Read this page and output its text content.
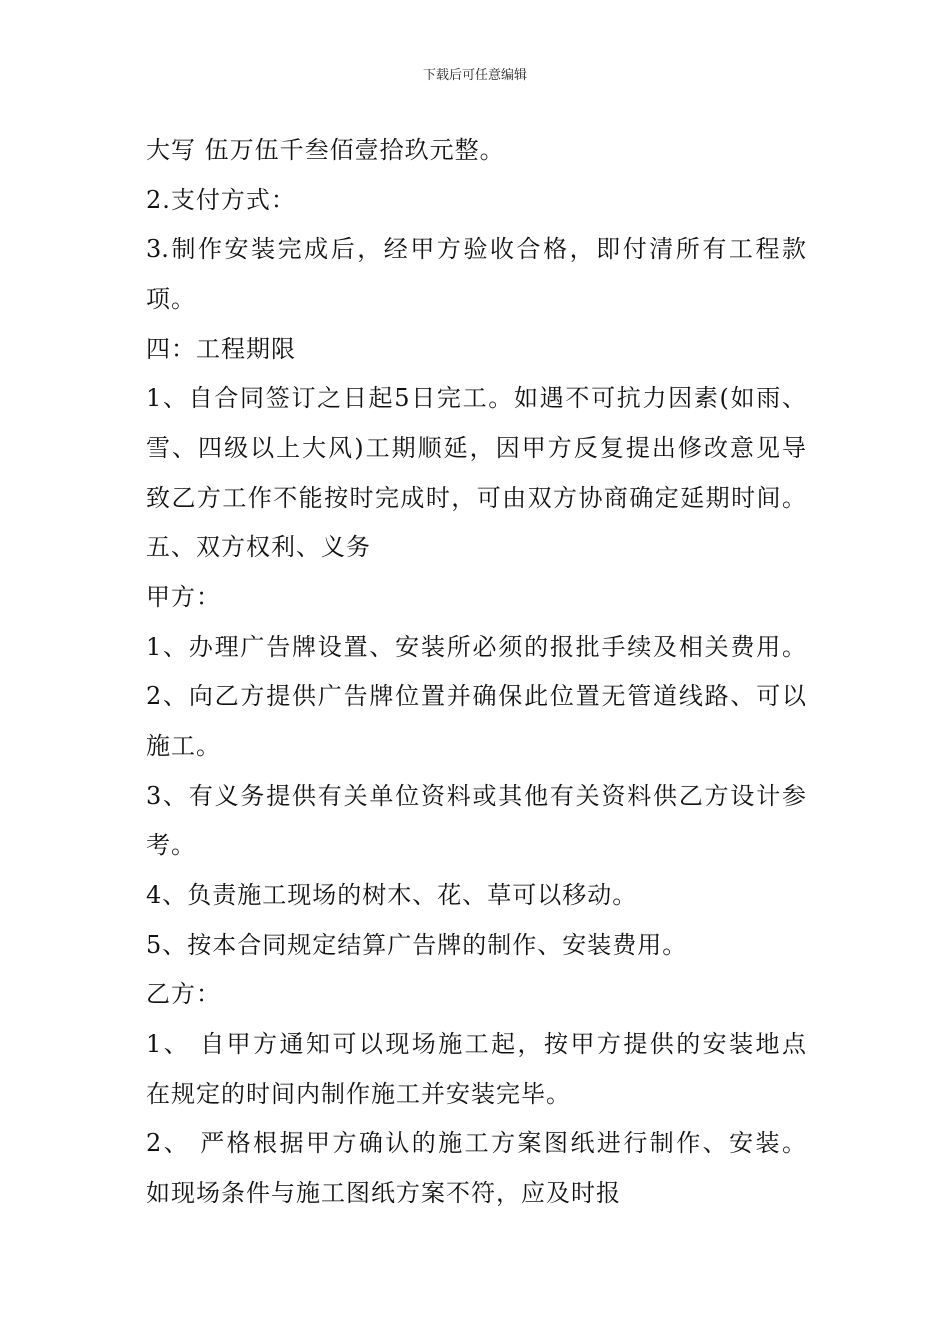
下载后可任意编辑
大写 伍万伍千叁佰壹拾玖元整。
2.支付方式：
3.制作安装完成后，经甲方验收合格，即付清所有工程款
项。
四：工程期限
1、自合同签订之日起5日完工。如遇不可抗力因素(如雨、
雪、四级以上大风)工期顺延，因甲方反复提出修改意见导
致乙方工作不能按时完成时，可由双方协商确定延期时间。
五、双方权利、义务
甲方：
1、办理广告牌设置、安装所必须的报批手续及相关费用。
2、向乙方提供广告牌位置并确保此位置无管道线路、可以
施工。
3、有义务提供有关单位资料或其他有关资料供乙方设计参
考。
4、负责施工现场的树木、花、草可以移动。
5、按本合同规定结算广告牌的制作、安装费用。
乙方：
1、 自甲方通知可以现场施工起，按甲方提供的安装地点
在规定的时间内制作施工并安装完毕。
2、 严格根据甲方确认的施工方案图纸进行制作、安装。
如现场条件与施工图纸方案不符，应及时报
